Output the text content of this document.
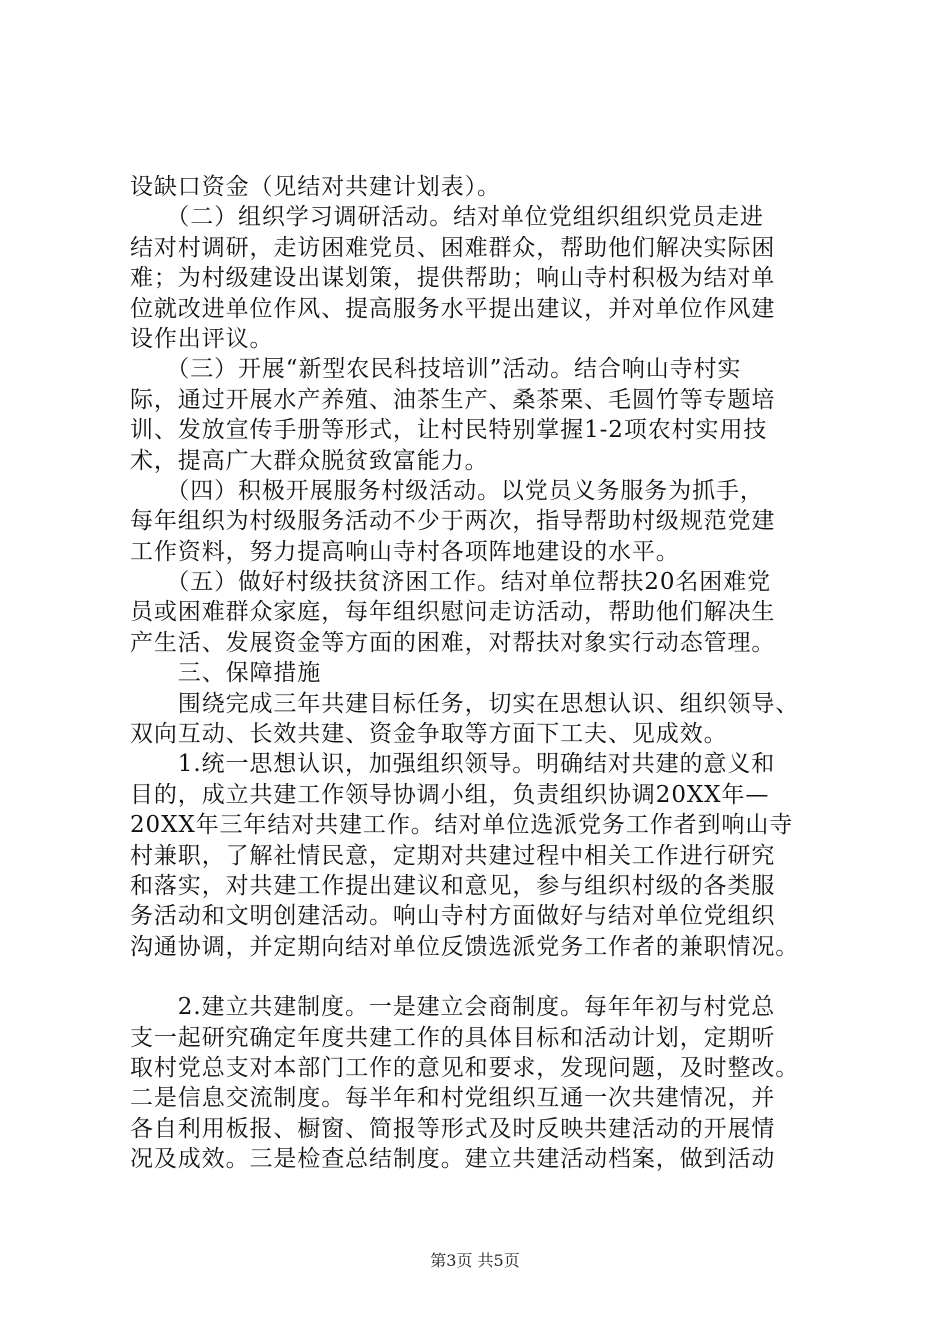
设缺口资金（见结对共建计划表）。
　　（二）组织学习调研活动。结对单位党组织组织党员走进
结对村调研，走访困难党员、困难群众，帮助他们解决实际困
难；为村级建设出谋划策，提供帮助；响山寺村积极为结对单
位就改进单位作风、提高服务水平提出建议，并对单位作风建
设作出评议。
　　（三）开展“新型农民科技培训”活动。结合响山寺村实
际，通过开展水产养殖、油茶生产、桑茶栗、毛圆竹等专题培
训、发放宣传手册等形式，让村民特别掌握1-2项农村实用技
术，提高广大群众脱贫致富能力。
　　（四）积极开展服务村级活动。以党员义务服务为抓手，
每年组织为村级服务活动不少于两次，指导帮助村级规范党建
工作资料，努力提高响山寺村各项阵地建设的水平。
　　（五）做好村级扶贫济困工作。结对单位帮扶20名困难党
员或困难群众家庭，每年组织慰问走访活动，帮助他们解决生
产生活、发展资金等方面的困难，对帮扶对象实行动态管理。
　　三、保障措施
　　围绕完成三年共建目标任务，切实在思想认识、组织领导、
双向互动、长效共建、资金争取等方面下工夫、见成效。
　　1.统一思想认识，加强组织领导。明确结对共建的意义和
目的，成立共建工作领导协调小组，负责组织协调20XX年—
20XX年三年结对共建工作。结对单位选派党务工作者到响山寺
村兼职，了解社情民意，定期对共建过程中相关工作进行研究
和落实，对共建工作提出建议和意见，参与组织村级的各类服
务活动和文明创建活动。响山寺村方面做好与结对单位党组织
沟通协调，并定期向结对单位反馈选派党务工作者的兼职情况。
　　2.建立共建制度。一是建立会商制度。每年年初与村党总
支一起研究确定年度共建工作的具体目标和活动计划，定期听
取村党总支对本部门工作的意见和要求，发现问题，及时整改。
二是信息交流制度。每半年和村党组织互通一次共建情况，并
各自利用板报、橱窗、简报等形式及时反映共建活动的开展情
况及成效。三是检查总结制度。建立共建活动档案，做到活动
第3页 共5页
